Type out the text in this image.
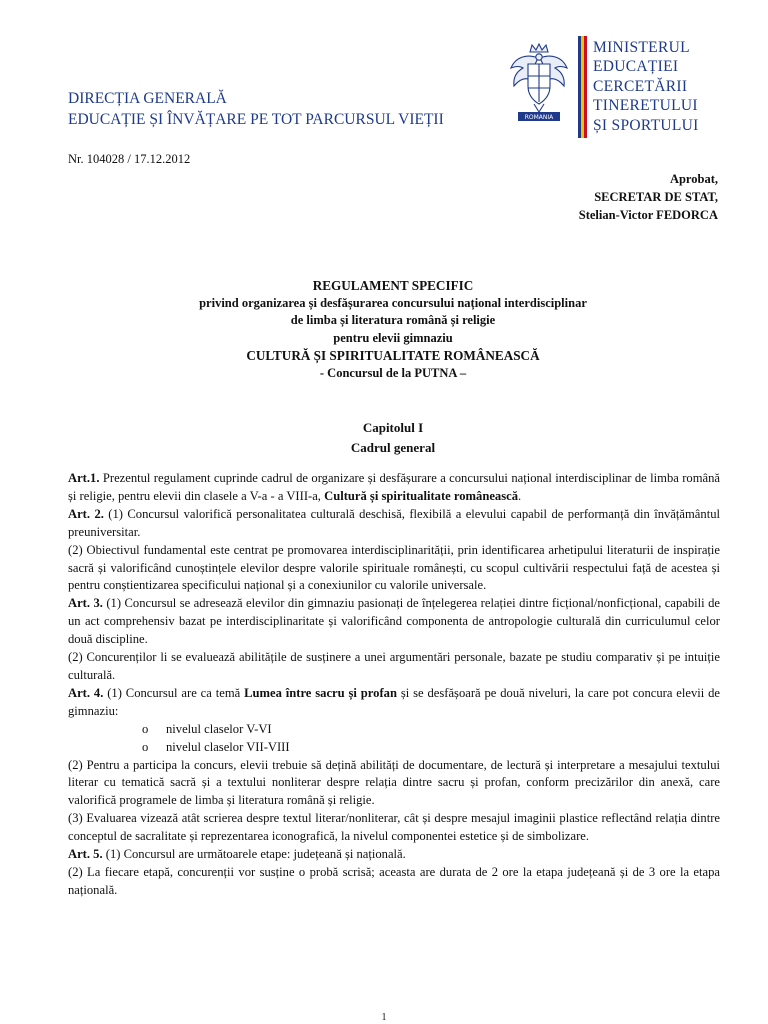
DIRECȚIA GENERALĂ
EDUCAȚIE ȘI ÎNVĂȚARE PE TOT PARCURSUL VIEȚII	ROMANIA
MINISTERUL
EDUCAȚIEI
CERCETĂRII
TINERETULUI
ȘI SPORTULUI
Nr. 104028 / 17.12.2012
Aprobat,
SECRETAR DE STAT,
Stelian-Victor FEDORCA
REGULAMENT SPECIFIC
privind organizarea și desfășurarea concursului național interdisciplinar
de limba și literatura română și religie
pentru elevii gimnaziu
CULTURĂ ȘI SPIRITUALITATE ROMÂNEASCĂ
- Concursul de la PUTNA –
Capitolul I
Cadrul general

Art.1. Prezentul regulament cuprinde cadrul de organizare și desfășurare a concursului național interdisciplinar de limba română și religie, pentru elevii din clasele a V-a - a VIII-a, Cultură și spiritualitate românească.

Art. 2. (1) Concursul valorifică personalitatea culturală deschisă, flexibilă a elevului capabil de performanță din învățământul preuniversitar.

(2) Obiectivul fundamental este centrat pe promovarea interdisciplinarității, prin identificarea arhetipului literaturii de inspirație sacră și valorificând cunoștințele elevilor despre valorile spirituale românești, cu scopul cultivării respectului față de acestea și pentru conștientizarea specificului național și a conexiunilor cu valorile universale.

Art. 3. (1) Concursul se adresează elevilor din gimnaziu pasionați de înțelegerea relației dintre ficțional/nonficțional, capabili de un act comprehensiv bazat pe interdisciplinaritate și valorificând componenta de antropologie culturală din curriculumul celor două discipline.

(2) Concurenților li se evaluează abilitățile de susținere a unei argumentări personale, bazate pe studiu comparativ și pe intuiție culturală.

Art. 4. (1) Concursul are ca temă Lumea între sacru și profan și se desfășoară pe două niveluri, la care pot concura elevii de gimnaziu:

o nivelul claselor V-VI

o nivelul claselor VII-VIII

(2) Pentru a participa la concurs, elevii trebuie să dețină abilități de documentare, de lectură și interpretare a mesajului textului literar cu tematică sacră și a textului nonliterar despre relația dintre sacru și profan, conform precizărilor din anexă, care valorifică programele de limba și literatura română și religie.

(3) Evaluarea vizează atât scrierea despre textul literar/nonliterar, cât și despre mesajul imaginii plastice reflectând relația dintre conceptul de sacralitate și reprezentarea iconografică, la nivelul componentei estetice și de simbolizare.

Art. 5. (1) Concursul are următoarele etape: județeană și națională.

(2) La fiecare etapă, concurenții vor susține o probă scrisă; aceasta are durata de 2 ore la etapa județeană și de 3 ore la etapa națională.

1
